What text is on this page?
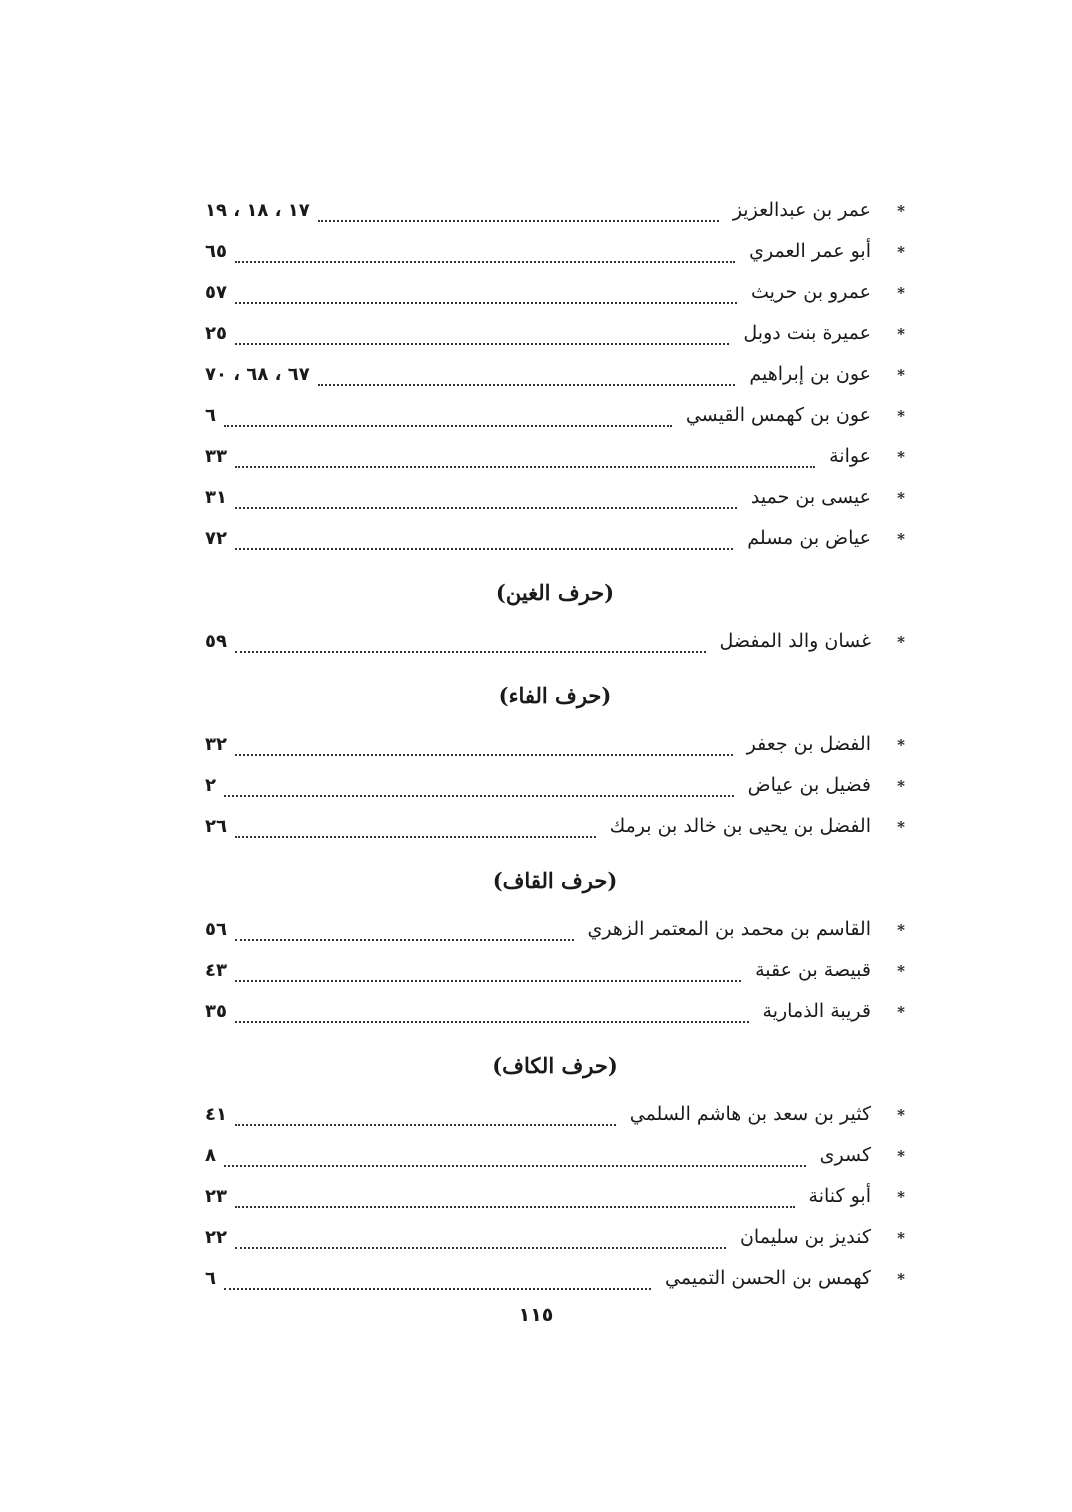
*
عمر بن عبدالعزيز
١٧ ، ١٨ ، ١٩
*
أبو عمر العمري
٦٥
*
عمرو بن حريث
٥٧
*
عميرة بنت دوبل
٢٥
*
عون بن إبراهيم
٦٧ ، ٦٨ ، ٧٠
*
عون بن كهمس القيسي
٦
*
عوانة
٣٣
*
عيسى بن حميد
٣١
*
عياض بن مسلم
٧٢
(حرف الغين)
*
غسان والد المفضل
٥٩
(حرف الفاء)
*
الفضل بن جعفر
٣٢
*
فضيل بن عياض
٢
*
الفضل بن يحيى بن خالد بن برمك
٢٦
(حرف القاف)
*
القاسم بن محمد بن المعتمر الزهري
٥٦
*
قبيصة بن عقبة
٤٣
*
قريبة الذمارية
٣٥
(حرف الكاف)
*
كثير بن سعد بن هاشم السلمي
٤١
*
كسرى
٨
*
أبو كنانة
٢٣
*
كنديز بن سليمان
٢٢
*
كهمس بن الحسن التميمي
٦
١١٥
